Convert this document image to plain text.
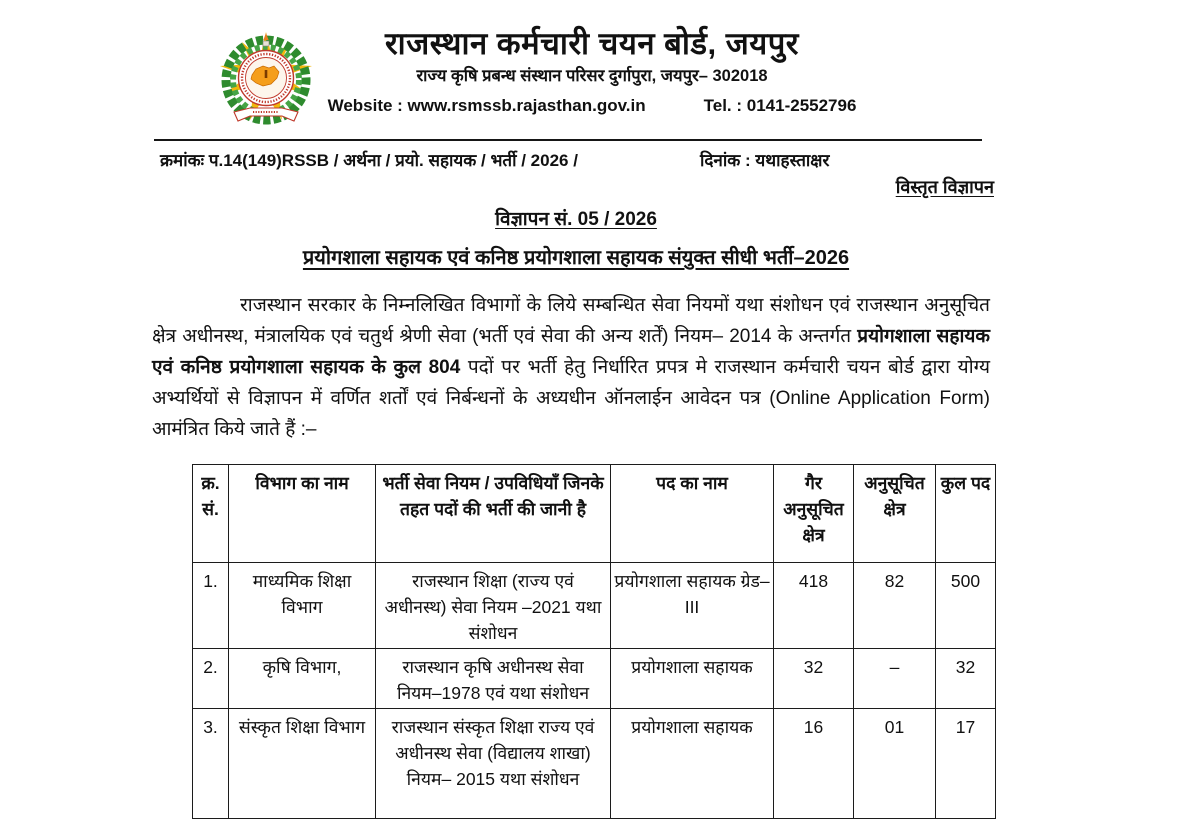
राजस्थान कर्मचारी चयन बोर्ड, जयपुर
राज्य कृषि प्रबन्ध संस्थान परिसर दुर्गापुरा, जयपुर– 302018
Website : www.rsmssb.rajasthan.gov.in	Tel. : 0141-2552796
क्रमांकः प.14(149)RSSB / अर्थना / प्रयो. सहायक / भर्ती / 2026 /	दिनांक : यथाहस्ताक्षर
विस्तृत विज्ञापन
विज्ञापन सं. 05 / 2026
प्रयोगशाला सहायक एवं कनिष्ठ प्रयोगशाला सहायक संयुक्त सीधी भर्ती–2026

राजस्थान सरकार के निम्नलिखित विभागों के लिये सम्बन्धित सेवा नियमों यथा संशोधन एवं राजस्थान अनुसूचित क्षेत्र अधीनस्थ, मंत्रालयिक एवं चतुर्थ श्रेणी सेवा (भर्ती एवं सेवा की अन्य शर्तें) नियम– 2014 के अन्तर्गत प्रयोगशाला सहायक एवं कनिष्ठ प्रयोगशाला सहायक के कुल 804 पदों पर भर्ती हेतु निर्धारित प्रपत्र मे राजस्थान कर्मचारी चयन बोर्ड द्वारा योग्य अभ्यर्थियों से विज्ञापन में वर्णित शर्तों एवं निर्बन्धनों के अध्यधीन ऑनलाईन आवेदन पत्र (Online Application Form) आमंत्रित किये जाते हैं :–

क्र. सं.	विभाग का नाम	भर्ती सेवा नियम / उपविधियाँ जिनके तहत पदों की भर्ती की जानी है	पद का नाम	गैर अनुसूचित क्षेत्र	अनुसूचित क्षेत्र	कुल पद
1.	माध्यमिक शिक्षा विभाग	राजस्थान शिक्षा (राज्य एवं अधीनस्थ) सेवा नियम –2021 यथा संशोधन	प्रयोगशाला सहायक ग्रेड–III	418	82	500
2.	कृषि विभाग,	राजस्थान कृषि अधीनस्थ सेवा नियम–1978 एवं यथा संशोधन	प्रयोगशाला सहायक	32	–	32
3.	संस्कृत शिक्षा विभाग	राजस्थान संस्कृत शिक्षा राज्य एवं अधीनस्थ सेवा (विद्यालय शाखा) नियम– 2015 यथा संशोधन	प्रयोगशाला सहायक	16	01	17
